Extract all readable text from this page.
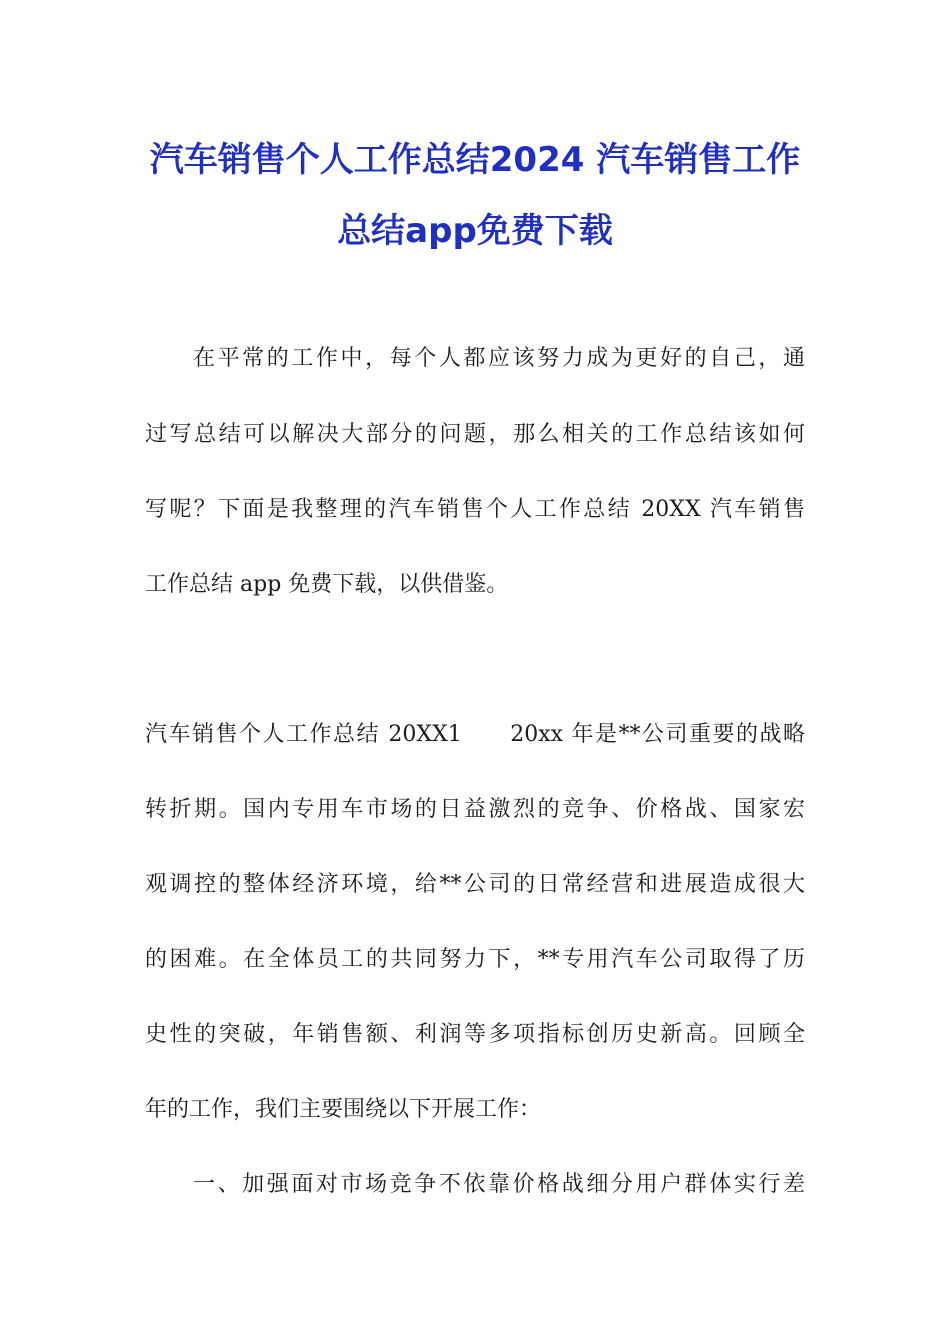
汽车销售个人工作总结2024 汽车销售工作
总结app免费下载
在平常的工作中，每个人都应该努力成为更好的自己，通
过写总结可以解决大部分的问题，那么相关的工作总结该如何
写呢？下面是我整理的汽车销售个人工作总结 20XX 汽车销售
工作总结 app 免费下载，以供借鉴。
汽车销售个人工作总结 20XX1　　20xx 年是**公司重要的战略
转折期。国内专用车市场的日益激烈的竞争、价格战、国家宏
观调控的整体经济环境，给**公司的日常经营和进展造成很大
的困难。在全体员工的共同努力下，**专用汽车公司取得了历
史性的突破，年销售额、利润等多项指标创历史新高。回顾全
年的工作，我们主要围绕以下开展工作：
一、加强面对市场竞争不依靠价格战细分用户群体实行差
